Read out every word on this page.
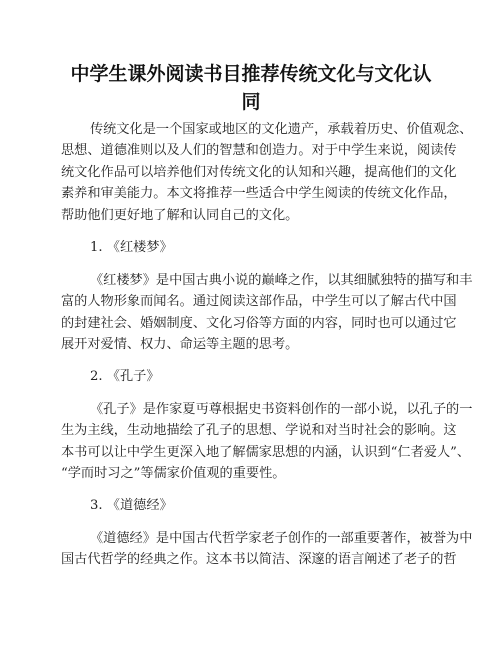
中学生课外阅读书目推荐传统文化与文化认
同
传统文化是一个国家或地区的文化遗产，承载着历史、价值观念、
思想、道德准则以及人们的智慧和创造力。对于中学生来说，阅读传
统文化作品可以培养他们对传统文化的认知和兴趣，提高他们的文化
素养和审美能力。本文将推荐一些适合中学生阅读的传统文化作品，
帮助他们更好地了解和认同自己的文化。
1. 《红楼梦》
《红楼梦》是中国古典小说的巅峰之作，以其细腻独特的描写和丰
富的人物形象而闻名。通过阅读这部作品，中学生可以了解古代中国
的封建社会、婚姻制度、文化习俗等方面的内容，同时也可以通过它
展开对爱情、权力、命运等主题的思考。
2. 《孔子》
《孔子》是作家夏丏尊根据史书资料创作的一部小说，以孔子的一
生为主线，生动地描绘了孔子的思想、学说和对当时社会的影响。这
本书可以让中学生更深入地了解儒家思想的内涵，认识到“仁者爱人”、
“学而时习之”等儒家价值观的重要性。
3. 《道德经》
《道德经》是中国古代哲学家老子创作的一部重要著作，被誉为中
国古代哲学的经典之作。这本书以简洁、深邃的语言阐述了老子的哲
